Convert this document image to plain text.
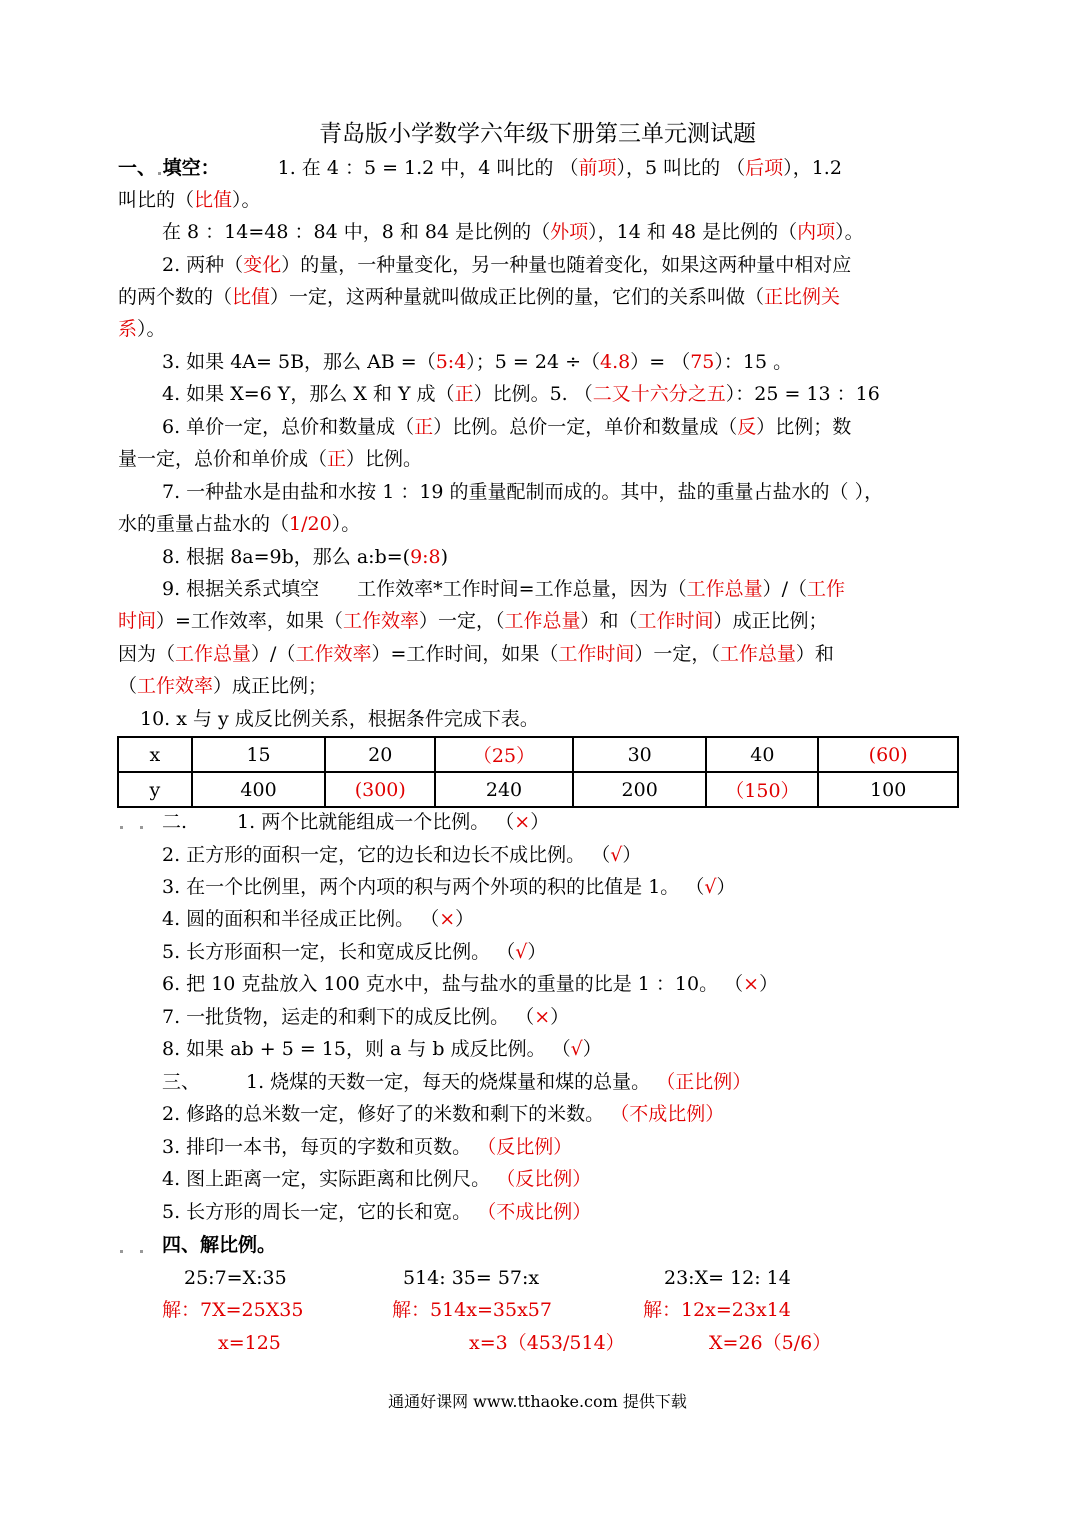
青岛版小学数学六年级下册第三单元测试题
一、 填空：	1. 在 4 ：5 = 1.2 中，4 叫比的 （前项），5 叫比的 （后项），1.2
叫比的（比值）。
在 8 ：14=48 ：84 中，8 和 84 是比例的（外项），14 和 48 是比例的（内项）。
2. 两种（变化）的量，一种量变化，另一种量也随着变化，如果这两种量中相对应
的两个数的（比值）一定，这两种量就叫做成正比例的量，它们的关系叫做（正比例关
系）。
3. 如果 4A= 5B，那么 AB =（5:4）；5 = 24 ÷（4.8）= （75）：15 。
4. 如果 X=6 Y，那么 X 和 Y 成（正）比例。5. （二又十六分之五）：25 = 13 ：16
6. 单价一定，总价和数量成（正）比例。总价一定，单价和数量成（反）比例；数
量一定，总价和单价成（正）比例。
7. 一种盐水是由盐和水按 1 ：19 的重量配制而成的。其中，盐的重量占盐水的（ ），
水的重量占盐水的（1/20）。
8. 根据 8a=9b，那么 a:b=(9:8)
9. 根据关系式填空　　工作效率*工作时间=工作总量，因为（工作总量）/（工作
时间）=工作效率，如果（工作效率）一定，（工作总量）和（工作时间）成正比例；
因为（工作总量）/（工作效率）=工作时间，如果（工作时间）一定，（工作总量）和
（工作效率）成正比例；
10. x 与 y 成反比例关系，根据条件完成下表。
x	15	20	（25）	30	40	(60)
y	400	(300)	240	200	（150）	100
二.	1. 两个比就能组成一个比例。 （×）
2. 正方形的面积一定，它的边长和边长不成比例。 （√）
3. 在一个比例里，两个内项的积与两个外项的积的比值是 1。 （√）
4. 圆的面积和半径成正比例。 （×）
5. 长方形面积一定，长和宽成反比例。 （√）
6. 把 10 克盐放入 100 克水中，盐与盐水的重量的比是 1 ：10。 （×）
7. 一批货物，运走的和剩下的成反比例。 （×）
8. 如果 ab + 5 = 15，则 a 与 b 成反比例。 （√）
三、 1. 烧煤的天数一定，每天的烧煤量和煤的总量。 （正比例）
2. 修路的总米数一定，修好了的米数和剩下的米数。 （不成比例）
3. 排印一本书，每页的字数和页数。 （反比例）
4. 图上距离一定，实际距离和比例尺。 （反比例）
5. 长方形的周长一定，它的长和宽。 （不成比例）
四、解比例。
25:7=X:35	514: 35= 57:x	23:X= 12: 14
解：7X=25X35	解：514x=35x57	解：12x=23x14
x=125	x=3（453/514）	X=26（5/6）
通通好课网 www.tthaoke.com 提供下载
